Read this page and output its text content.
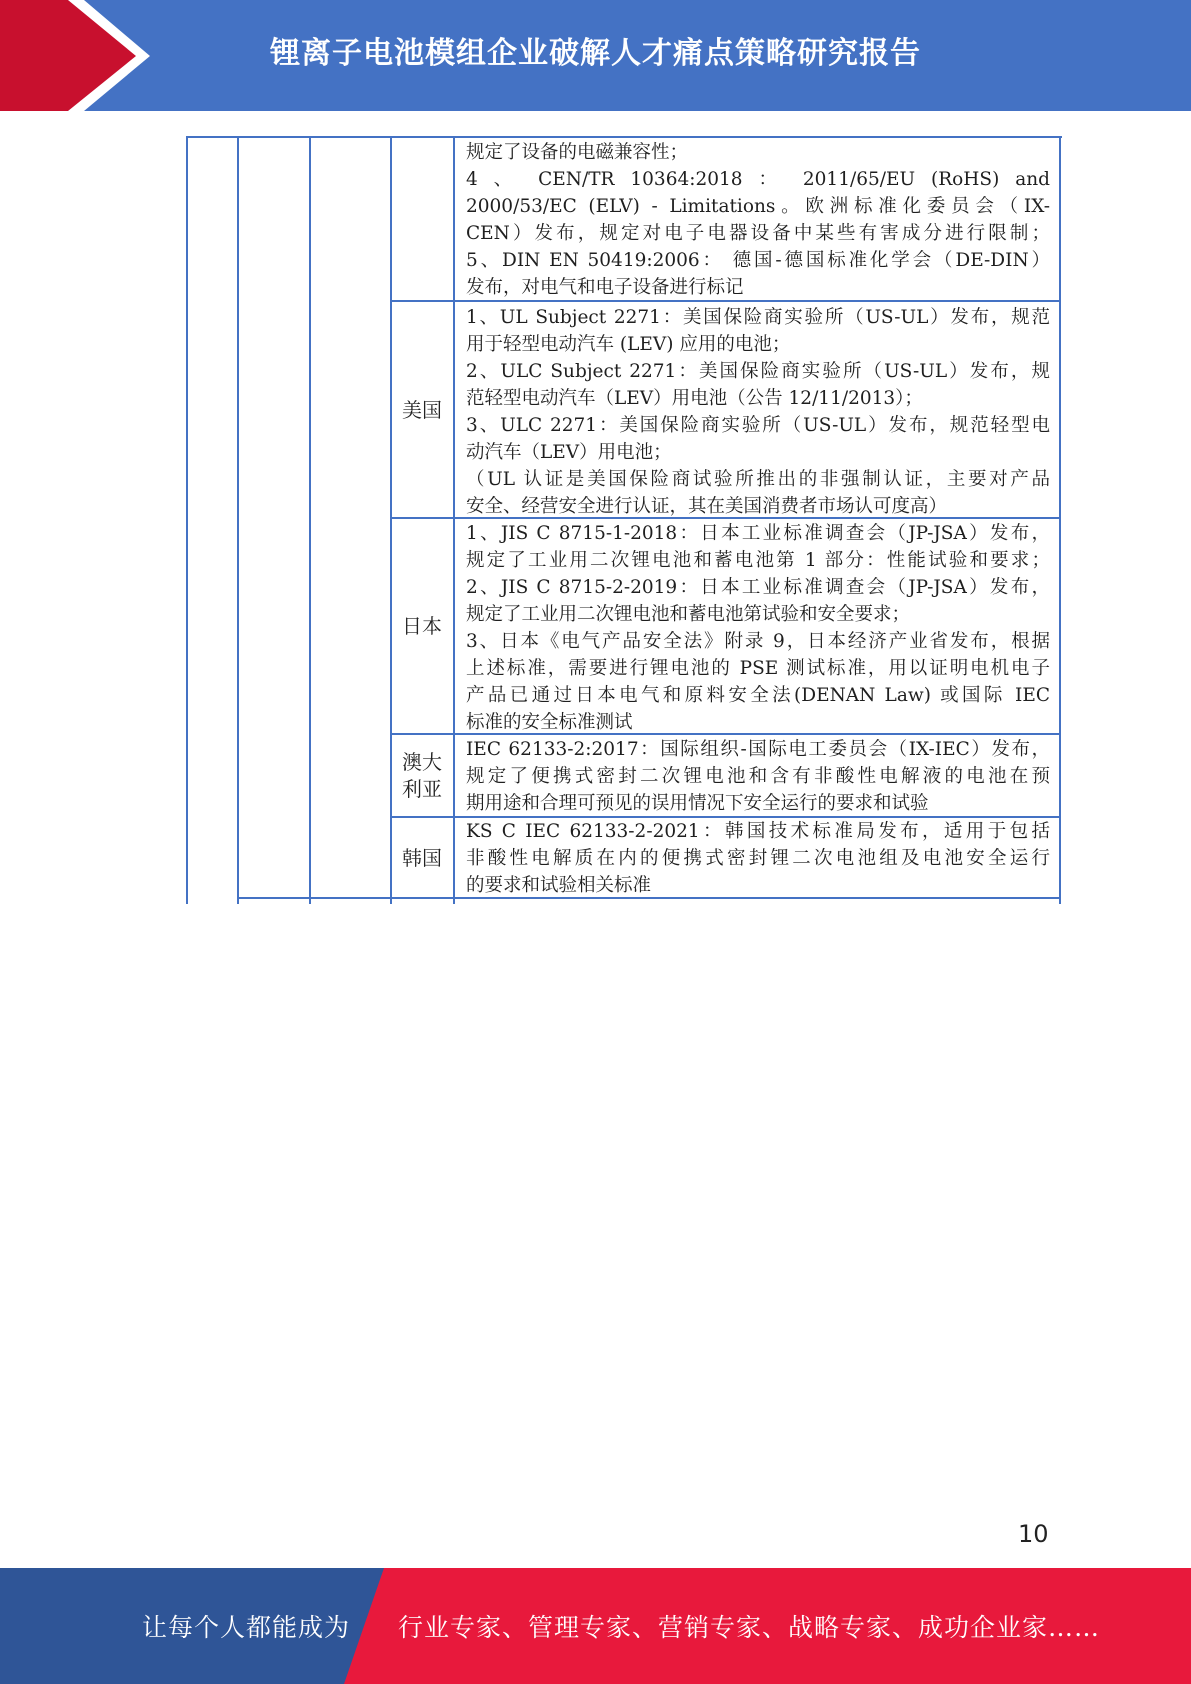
锂离子电池模组企业破解人才痛点策略研究报告

规定了设备的电磁兼容性；

4 、 CEN/TR 10364:2018 ： 2011/65/EU (RoHS) and

2000/53/EC (ELV) - Limitations。欧洲标准化委员会（IX-

CEN）发布，规定对电子电器设备中某些有害成分进行限制；

5、DIN EN 50419:2006： 德国-德国标准化学会（DE-DIN）

发布，对电气和电子设备进行标记

美国

1、UL Subject 2271：美国保险商实验所（US-UL）发布，规范

用于轻型电动汽车 (LEV) 应用的电池；

2、ULC Subject 2271：美国保险商实验所（US-UL）发布，规

范轻型电动汽车（LEV）用电池（公告 12/11/2013）；

3、ULC 2271：美国保险商实验所（US-UL）发布，规范轻型电

动汽车（LEV）用电池；

（UL 认证是美国保险商试验所推出的非强制认证，主要对产品

安全、经营安全进行认证，其在美国消费者市场认可度高）

日本

1、JIS C 8715-1-2018：日本工业标准调查会（JP-JSA）发布，

规定了工业用二次锂电池和蓄电池第 1 部分：性能试验和要求；

2、JIS C 8715-2-2019：日本工业标准调查会（JP-JSA）发布，

规定了工业用二次锂电池和蓄电池第试验和安全要求；

3、日本《电气产品安全法》附录 9，日本经济产业省发布，根据

上述标准，需要进行锂电池的 PSE 测试标准，用以证明电机电子

产品已通过日本电气和原料安全法(DENAN Law) 或国际 IEC

标准的安全标准测试

澳大
利亚

IEC 62133-2:2017：国际组织-国际电工委员会（IX-IEC）发布，

规定了便携式密封二次锂电池和含有非酸性电解液的电池在预

期用途和合理可预见的误用情况下安全运行的要求和试验

韩国

KS C IEC 62133-2-2021：韩国技术标准局发布，适用于包括

非酸性电解质在内的便携式密封锂二次电池组及电池安全运行

的要求和试验相关标准

10
让每个人都能成为 行业专家、管理专家、营销专家、战略专家、成功企业家……
